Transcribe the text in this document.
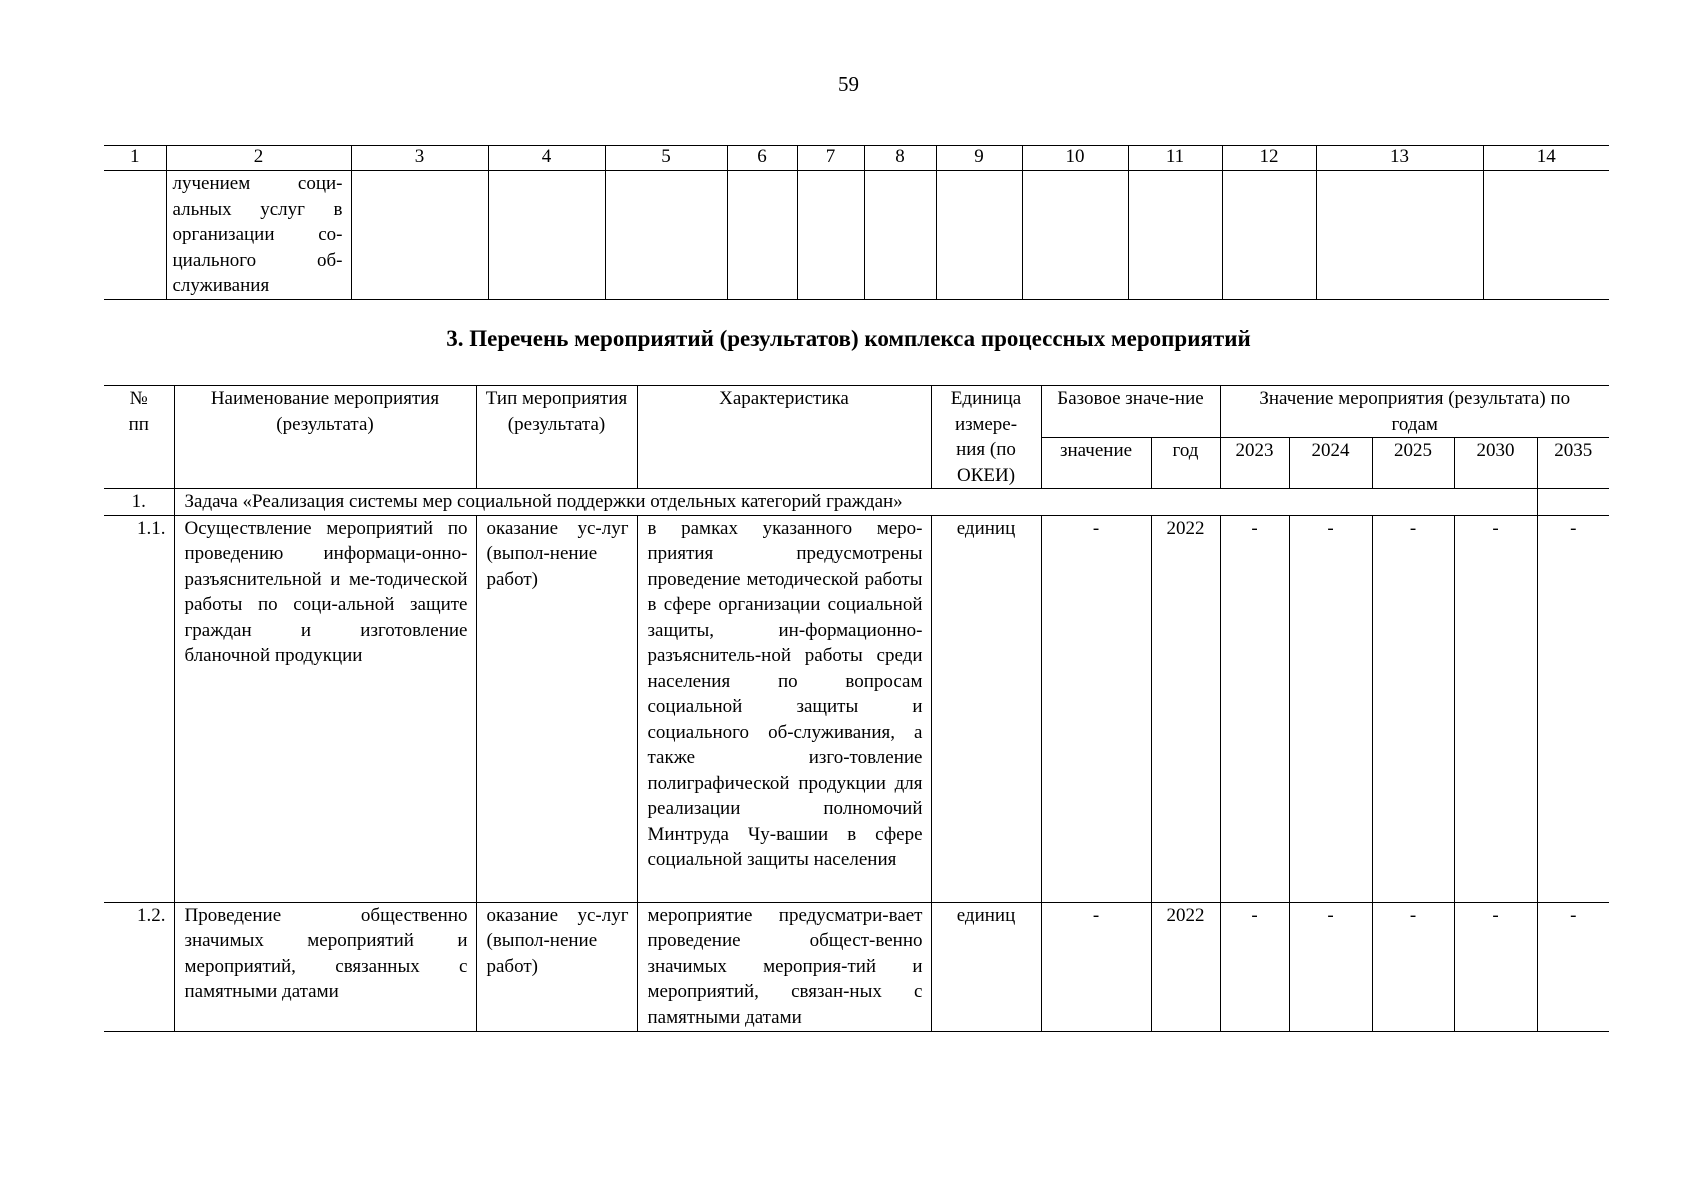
59
1	2	3	4	5	6	7	8	9	10	11	12	13	14

	лучением соци-
альных услуг в
организации со-
циального об-
служивания												

3. Перечень мероприятий (результатов) комплекса процессных мероприятий
№ пп	Наименование мероприятия (результата)	Тип мероприятия (результата)	Характеристика	Единица измере-ния (по ОКЕИ)	Базовое значе-ние		Значение мероприятия (результата) по годам				
					значение	год	2023	2024	2025	2030	2035
1.	Задача «Реализация системы мер социальной поддержки отдельных категорий граждан»										
1.1.	Осуществление мероприятий по проведению информаци-онно-разъяснительной и ме-тодической работы по соци-альной защите граждан и изготовление бланочной продукции	оказание ус-луг (выпол-нение работ)	в рамках указанного меро-приятия предусмотрены проведение методической работы в сфере организации социальной защиты, ин-формационно-разъяснитель-ной работы среди населения по вопросам социальной защиты и социального об-служивания, а также изго-товление полиграфической продукции для реализации полномочий Минтруда Чу-вашии в сфере социальной защиты населения	единиц	-	2022	-	-	-	-	-
1.2.	Проведение общественно значимых мероприятий и мероприятий, связанных с памятными датами	оказание ус-луг (выпол-нение работ)	мероприятие предусматри-вает проведение общест-венно значимых мероприя-тий и мероприятий, связан-ных с памятными датами	единиц	-	2022	-	-	-	-	-
